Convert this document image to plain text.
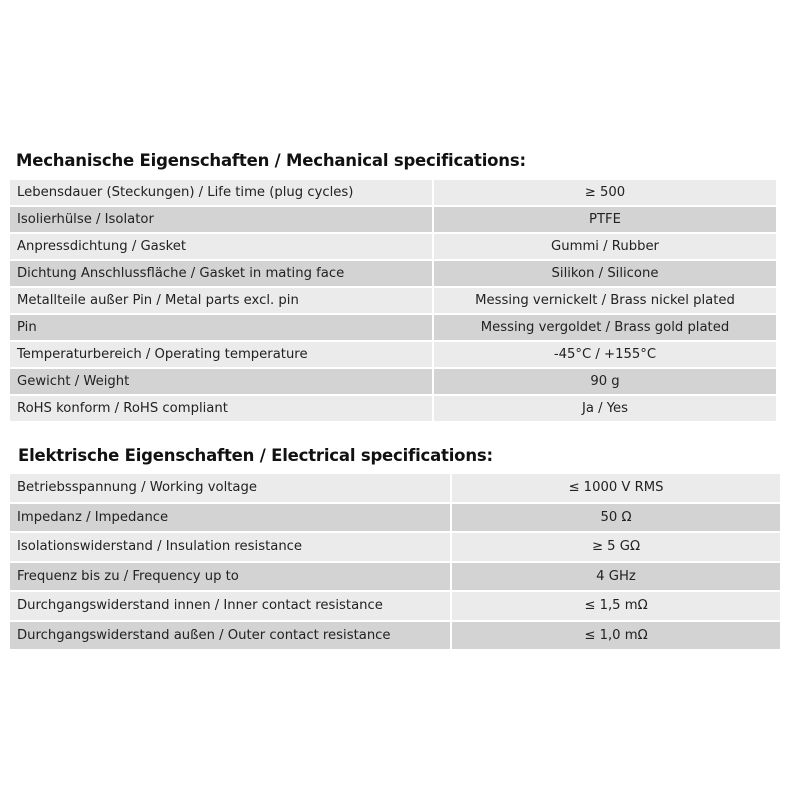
Mechanische Eigenschaften / Mechanical specifications:
Lebensdauer (Steckungen) / Life time (plug cycles)	≥ 500
Isolierhülse / Isolator	PTFE
Anpressdichtung / Gasket	Gummi / Rubber
Dichtung Anschlussfläche / Gasket in mating face	Silikon / Silicone
Metallteile außer Pin / Metal parts excl. pin	Messing vernickelt / Brass nickel plated
Pin	Messing vergoldet / Brass gold plated
Temperaturbereich / Operating temperature	-45°C / +155°C
Gewicht / Weight	90 g
RoHS konform / RoHS compliant	Ja / Yes
Elektrische Eigenschaften / Electrical specifications:
Betriebsspannung / Working voltage	≤ 1000 V RMS
Impedanz / Impedance	50 Ω
Isolationswiderstand / Insulation resistance	≥ 5 GΩ
Frequenz bis zu / Frequency up to	4 GHz
Durchgangswiderstand innen / Inner contact resistance	≤ 1,5 mΩ
Durchgangswiderstand außen / Outer contact resistance	≤ 1,0 mΩ
